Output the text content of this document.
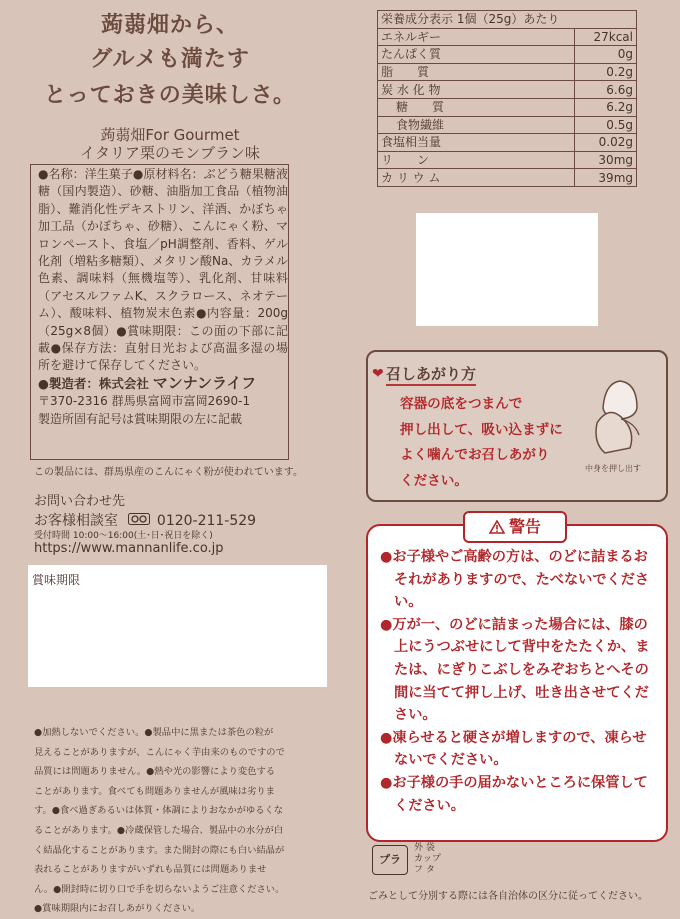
蒟蒻畑から、
グルメも満たす
とっておきの美味しさ。
蒟蒻畑For Gourmet
イタリア栗のモンブラン味
●名称：洋生菓子●原材料名：ぶどう糖果糖液糖（国内製造）、砂糖、油脂加工食品（植物油脂）、難消化性デキストリン、洋酒、かぼちゃ加工品（かぼちゃ、砂糖）、こんにゃく粉、マロンペースト、食塩／pH調整剤、香料、ゲル化剤（増粘多糖類）、メタリン酸Na、カラメル色素、調味料（無機塩等）、乳化剤、甘味料（アセスルファムK、スクラロース、ネオテーム）、酸味料、植物炭末色素●内容量：200g（25g×8個）●賞味期限：この面の下部に記載●保存方法：直射日光および高温多湿の場所を避けて保存してください。
●製造者：株式会社 マンナンライフ
〒370-2316 群馬県富岡市富岡2690-1
製造所固有記号は賞味期限の左に記載
この製品には、群馬県産のこんにゃく粉が使われています。
お問い合わせ先
お客様相談室	0120-211-529
受付時間 10:00〜16:00(土･日･祝日を除く)
https://www.mannanlife.co.jp
賞味期限
●加熱しないでください。●製品中に黒または茶色の粒が
見えることがありますが、こんにゃく芋由来のものですので
品質には問題ありません。●熱や光の影響により変色する
ことがあります。食べても問題ありませんが風味は劣りま
す。●食べ過ぎあるいは体質・体調によりおなかがゆるくな
ることがあります。●冷蔵保管した場合、製品中の水分が白
く結晶化することがあります。また開封の際にも白い結晶が
表れることがありますがいずれも品質には問題ありませ
ん。●開封時に切り口で手を切らないようご注意ください。
●賞味期限内にお召しあがりください。
栄養成分表示 1個（25g）あたり	
エネルギー	27kcal
たんぱく質	0g
脂　　質	0.2g
炭 水 化 物	6.6g
糖　　質	6.2g
食物繊維	0.5g
食塩相当量	0.02g
リ　　ン	30mg
カ リ ウ ム	39mg
❤ 召しあがり方
容器の底をつまんで
押し出して、吸い込まずに
よく噛んでお召しあがり
ください。
中身を押し出す
警告
●お子様やご高齢の方は、のどに詰まるおそれがありますので、たべないでください。
●万が一、のどに詰まった場合には、膝の上にうつぶせにして背中をたたくか、または、にぎりこぶしをみぞおちとへその間に当てて押し上げ、吐き出させてください。
●凍らせると硬さが増しますので、凍らせないでください。
●お子様の手の届かないところに保管してください。
プラ
外 袋
カップ
フ タ
ごみとして分別する際には各自治体の区分に従ってください。
